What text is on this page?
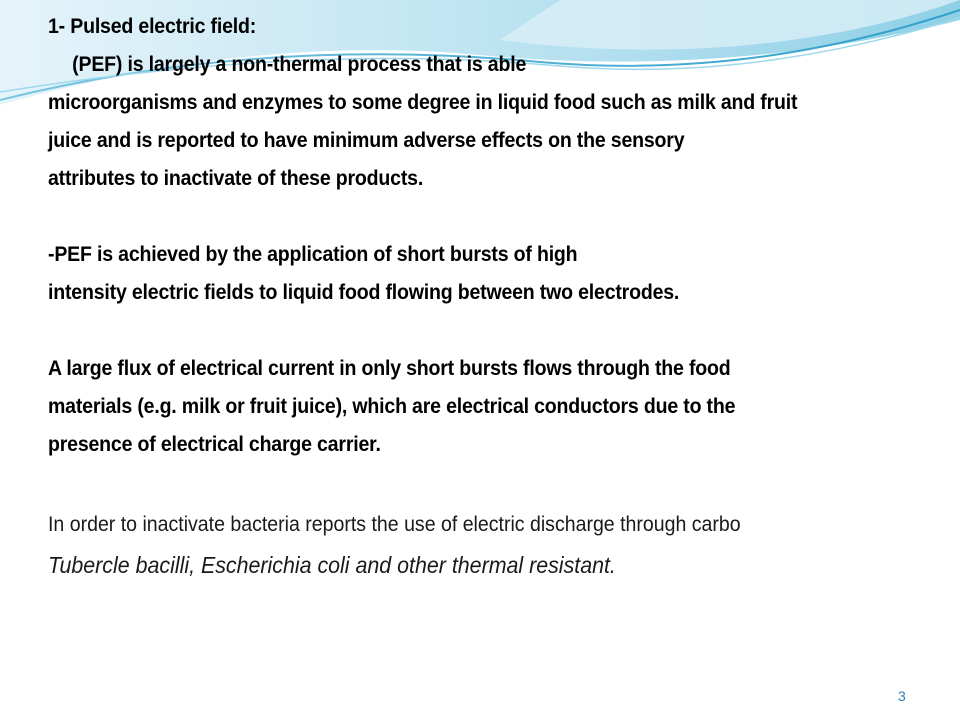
1- Pulsed electric field:
(PEF) is largely a non-thermal process that is able
microorganisms and enzymes to some degree in liquid food such as milk and fruit
juice and is reported to have minimum adverse effects on the sensory
attributes to inactivate of these products.
-PEF is achieved by the application of short bursts of high
intensity electric fields to liquid food flowing between two electrodes.
A large flux of electrical current in only short bursts flows through the food
materials (e.g. milk or fruit juice), which are electrical conductors due to the
presence of electrical charge carrier.
In order to inactivate bacteria reports the use of electric discharge through carbo
Tubercle bacilli, Escherichia coli and other thermal resistant.
3
